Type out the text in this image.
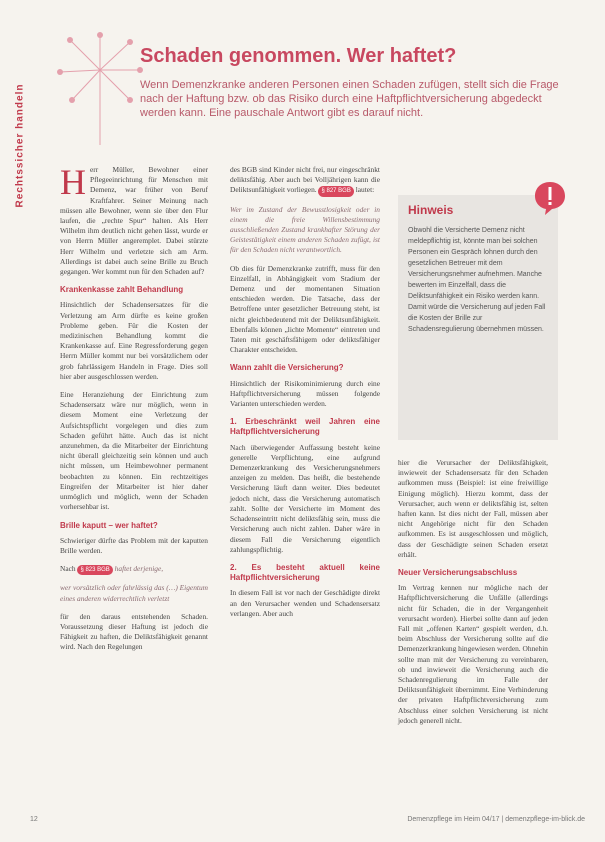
Rechtssicher handeln
Schaden genommen. Wer haftet?
Wenn Demenzkranke anderen Personen einen Schaden zufügen, stellt sich die Frage nach der Haftung bzw. ob das Risiko durch eine Haftpflichtversicherung abgedeckt werden kann. Eine pauschale Antwort gibt es darauf nicht.

Herr Müller, Bewohner einer Pflegeeinrichtung für Menschen mit Demenz, war früher von Beruf Kraftfahrer. Seiner Meinung nach müssen alle Bewohner, wenn sie über den Flur laufen, die „rechte Spur“ halten. Als Herr Wilhelm ihm deutlich nicht gehen lässt, wurde er von Herrn Müller angeremplet. Dabei stürzte Herr Wilhelm und verletzte sich am Arm. Allerdings ist dabei auch seine Brille zu Bruch gegangen. Wer kommt nun für den Schaden auf?

Krankenkasse zahlt Behandlung

Hinsichtlich der Schadensersatzes für die Verletzung am Arm dürfte es keine großen Probleme geben. Für die Kosten der medizinischen Behandlung kommt die Krankenkasse auf. Eine Regressforderung gegen Herrn Müller kommt nur bei vorsätzlichem oder grob fahrlässigem Handeln in Frage. Dies soll hier aber ausgeschlossen werden.

Eine Heranziehung der Einrichtung zum Schadensersatz wäre nur möglich, wenn in diesem Moment eine Verletzung der Aufsichtspflicht vorgelegen und dies zum Schaden geführt hätte. Auch das ist nicht anzunehmen, da die Mitarbeiter der Einrichtung nicht überall gleichzeitig sein können und auch nicht müssen, um Heimbewohner permanent beobachten zu können. Ein rechtzeitiges Eingreifen der Mitarbeiter ist hier daher unmöglich und möglich, wenn der Schaden vorhersehbar ist.

Brille kaputt – wer haftet?

Schwieriger dürfte das Problem mit der kaputten Brille werden.

Nach § 823 BGB haftet derjenige,

wer vorsätzlich oder fahrlässig das (…) Eigentum eines anderen widerrechtlich verletzt

für den daraus entstehenden Schaden. Voraussetzung dieser Haftung ist jedoch die Fähigkeit zu haften, die Deliktsfähigkeit genannt wird. Nach den Regelungen

des BGB sind Kinder nicht frei, nur eingeschränkt deliktsfähig. Aber auch bei Volljährigen kann die Deliktsunfähigkeit vorliegen. § 827 BGB lautet:

Wer im Zustand der Bewusstlosigkeit oder in einem die freie Willensbestimmung ausschließenden Zustand krankhafter Störung der Geistestätigkeit einem anderen Schaden zufügt, ist für den Schaden nicht verantwortlich.

Ob dies für Demenzkranke zutrifft, muss für den Einzelfall, in Abhängigkeit vom Stadium der Demenz und der momentanen Situation entschieden werden. Die Tatsache, dass der Betroffene unter gesetzlicher Betreuung steht, ist nicht gleichbedeutend mit der Deliktsunfähigkeit. Ebenfalls können „lichte Momente“ eintreten und Taten mit geschäftsfähigem oder deliktsfähiger Charakter entscheiden.

Wann zahlt die Versicherung?

Hinsichtlich der Risikominimierung durch eine Haftpflichtversicherung müssen folgende Varianten unterschieden werden.

1. Erbeschränkt weil Jahren eine Haftpflichtversicherung

Nach überwiegender Auffassung besteht keine generelle Verpflichtung, eine aufgrund Demenzerkrankung des Versicherungsnehmers anzeigen zu melden. Das heißt, die bestehende Versicherung läuft dann weiter. Dies bedeutet jedoch nicht, dass die Versicherung automatisch zahlt. Sollte der Versicherte im Moment des Schadenseintritt nicht deliktsfähig sein, muss die Versicherung auch nicht zahlen. Daher wäre in diesem Fall die Versicherung eigentlich zahlungspflichtig.

2. Es besteht aktuell keine Haftpflichtversicherung

In diesem Fall ist vor nach der Geschädigte direkt an den Verursacher wenden und Schadensersatz verlangen. Aber auch

Hinweis

Obwohl die Versicherte Demenz nicht meldepflichtig ist, könnte man bei solchen Personen ein Gespräch lohnen durch den gesetzlichen Betreuer mit dem Versicherungsnehmer aufnehmen. Manche bewerten im Einzelfall, dass die Deliktsunfähigkeit ein Risiko werden kann. Damit würde die Versicherung auf jeden Fall die Kosten der Brille zur Schadensregulierung übernehmen müssen.

hier die Verursacher der Deliktsfähigkeit, inwieweit der Schadensersatz für den Schaden aufkommen muss (Beispiel: ist eine freiwillige Einigung möglich). Hierzu kommt, dass der Verursacher, auch wenn er deliktsfähig ist, selten haften kann. Ist dies nicht der Fall, müssen aber nicht Angehörige nicht für den Schaden aufkommen. Es ist ausgeschlossen und möglich, dass der Geschädigte seinen Schaden ersetzt erhält.

Neuer Versicherungsabschluss

Im Vertrag kennen nur mögliche nach der Haftpflichtversicherung die Unfälle (allerdings nicht für Schaden, die in der Vergangenheit verursacht worden). Hierbei sollte dann auf jeden Fall mit „offenen Karten“ gespielt werden, d.h. beim Abschluss der Versicherung sollte auf die Demenzerkrankung hingewiesen werden. Ohnehin sollte man mit der Versicherung zu vereinbaren, ob und inwieweit die Versicherung auch die Schadenregulierung im Falle der Deliktsunfähigkeit übernimmt. Eine Verhinderung der privaten Haftpflichtversicherung zum Abschluss einer solchen Versicherung ist nicht jedoch generell nicht.

12	Demenzpflege im Heim 04/17 | demenzpflege-im-blick.de
